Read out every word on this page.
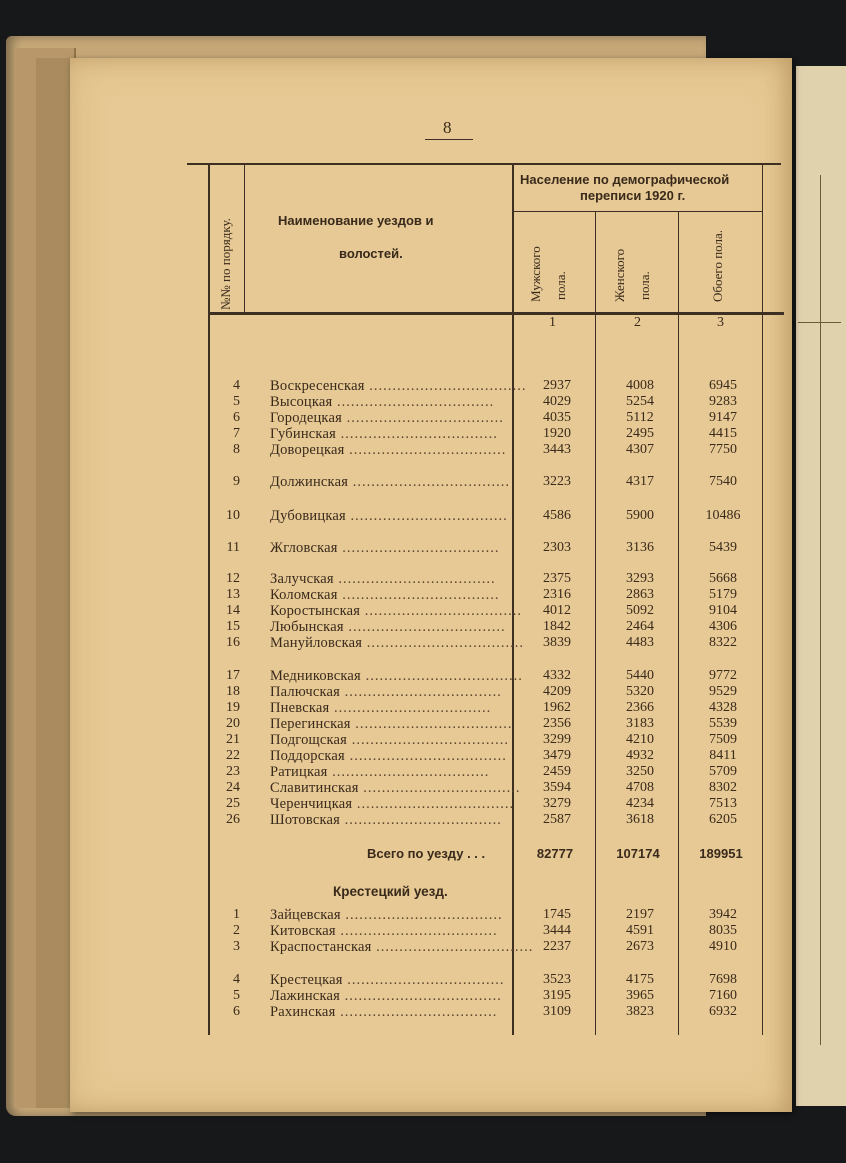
8
№№ по порядку.	Наименование уездов и
волостей.
Население по демографической
переписи 1920 г.
Мужского пола.	Женского пола.	Обоего пола.
1	2	3
4 Воскресенская ..................................	2937	4008	6945
5 Высоцкая ..................................	4029	5254	9283
6 Городецкая ..................................	4035	5112	9147
7 Губинская ..................................	1920	2495	4415
8 Доворецкая ..................................	3443	4307	7750
9 Должинская ..................................	3223	4317	7540
10 Дубовицкая ..................................	4586	5900	10486
11 Жгловская ..................................	2303	3136	5439
12 Залучская ..................................	2375	3293	5668
13 Коломская ..................................	2316	2863	5179
14 Коростынская ..................................	4012	5092	9104
15 Любынская ..................................	1842	2464	4306
16 Мануйловская ..................................	3839	4483	8322
17 Медниковская ..................................	4332	5440	9772
18 Палючская ..................................	4209	5320	9529
19 Пневская ..................................	1962	2366	4328
20 Перегинская ..................................	2356	3183	5539
21 Подгощская ..................................	3299	4210	7509
22 Поддорская ..................................	3479	4932	8411
23 Ратицкая ..................................	2459	3250	5709
24 Славитинская ..................................	3594	4708	8302
25 Черенчицкая ..................................	3279	4234	7513
26 Шотовская ..................................	2587	3618	6205
1 Зайцевская ..................................	1745	2197	3942
2 Китовская ..................................	3444	4591	8035
3 Краспостанская .................................. 2237	2673	4910
4 Крестецкая ..................................	3523	4175	7698
5 Лажинская ..................................	3195	3965	7160
6 Рахинская ..................................	3109	3823	6932
Всего по уезду . . .	82777	107174	189951
Крестецкий уезд.
